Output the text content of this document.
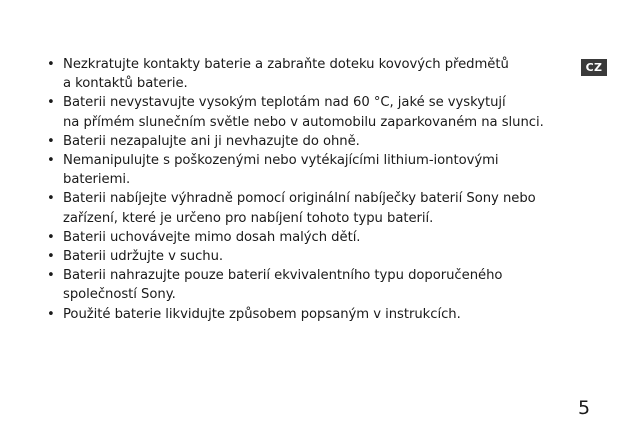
• Nezkratujte kontakty baterie a zabraňte doteku kovových předmětů
a kontaktů baterie.
• Baterii nevystavujte vysokým teplotám nad 60 °C, jaké se vyskytují
na přímém slunečním světle nebo v automobilu zaparkovaném na slunci.
• Baterii nezapalujte ani ji nevhazujte do ohně.
• Nemanipulujte s poškozenými nebo vytékajícími lithium-iontovými
bateriemi.
• Baterii nabíjejte výhradně pomocí originální nabíječky baterií Sony nebo
zařízení, které je určeno pro nabíjení tohoto typu baterií.
• Baterii uchovávejte mimo dosah malých dětí.
• Baterii udržujte v suchu.
• Baterii nahrazujte pouze baterií ekvivalentního typu doporučeného
společností Sony.
• Použité baterie likvidujte způsobem popsaným v instrukcích.
CZ
5
